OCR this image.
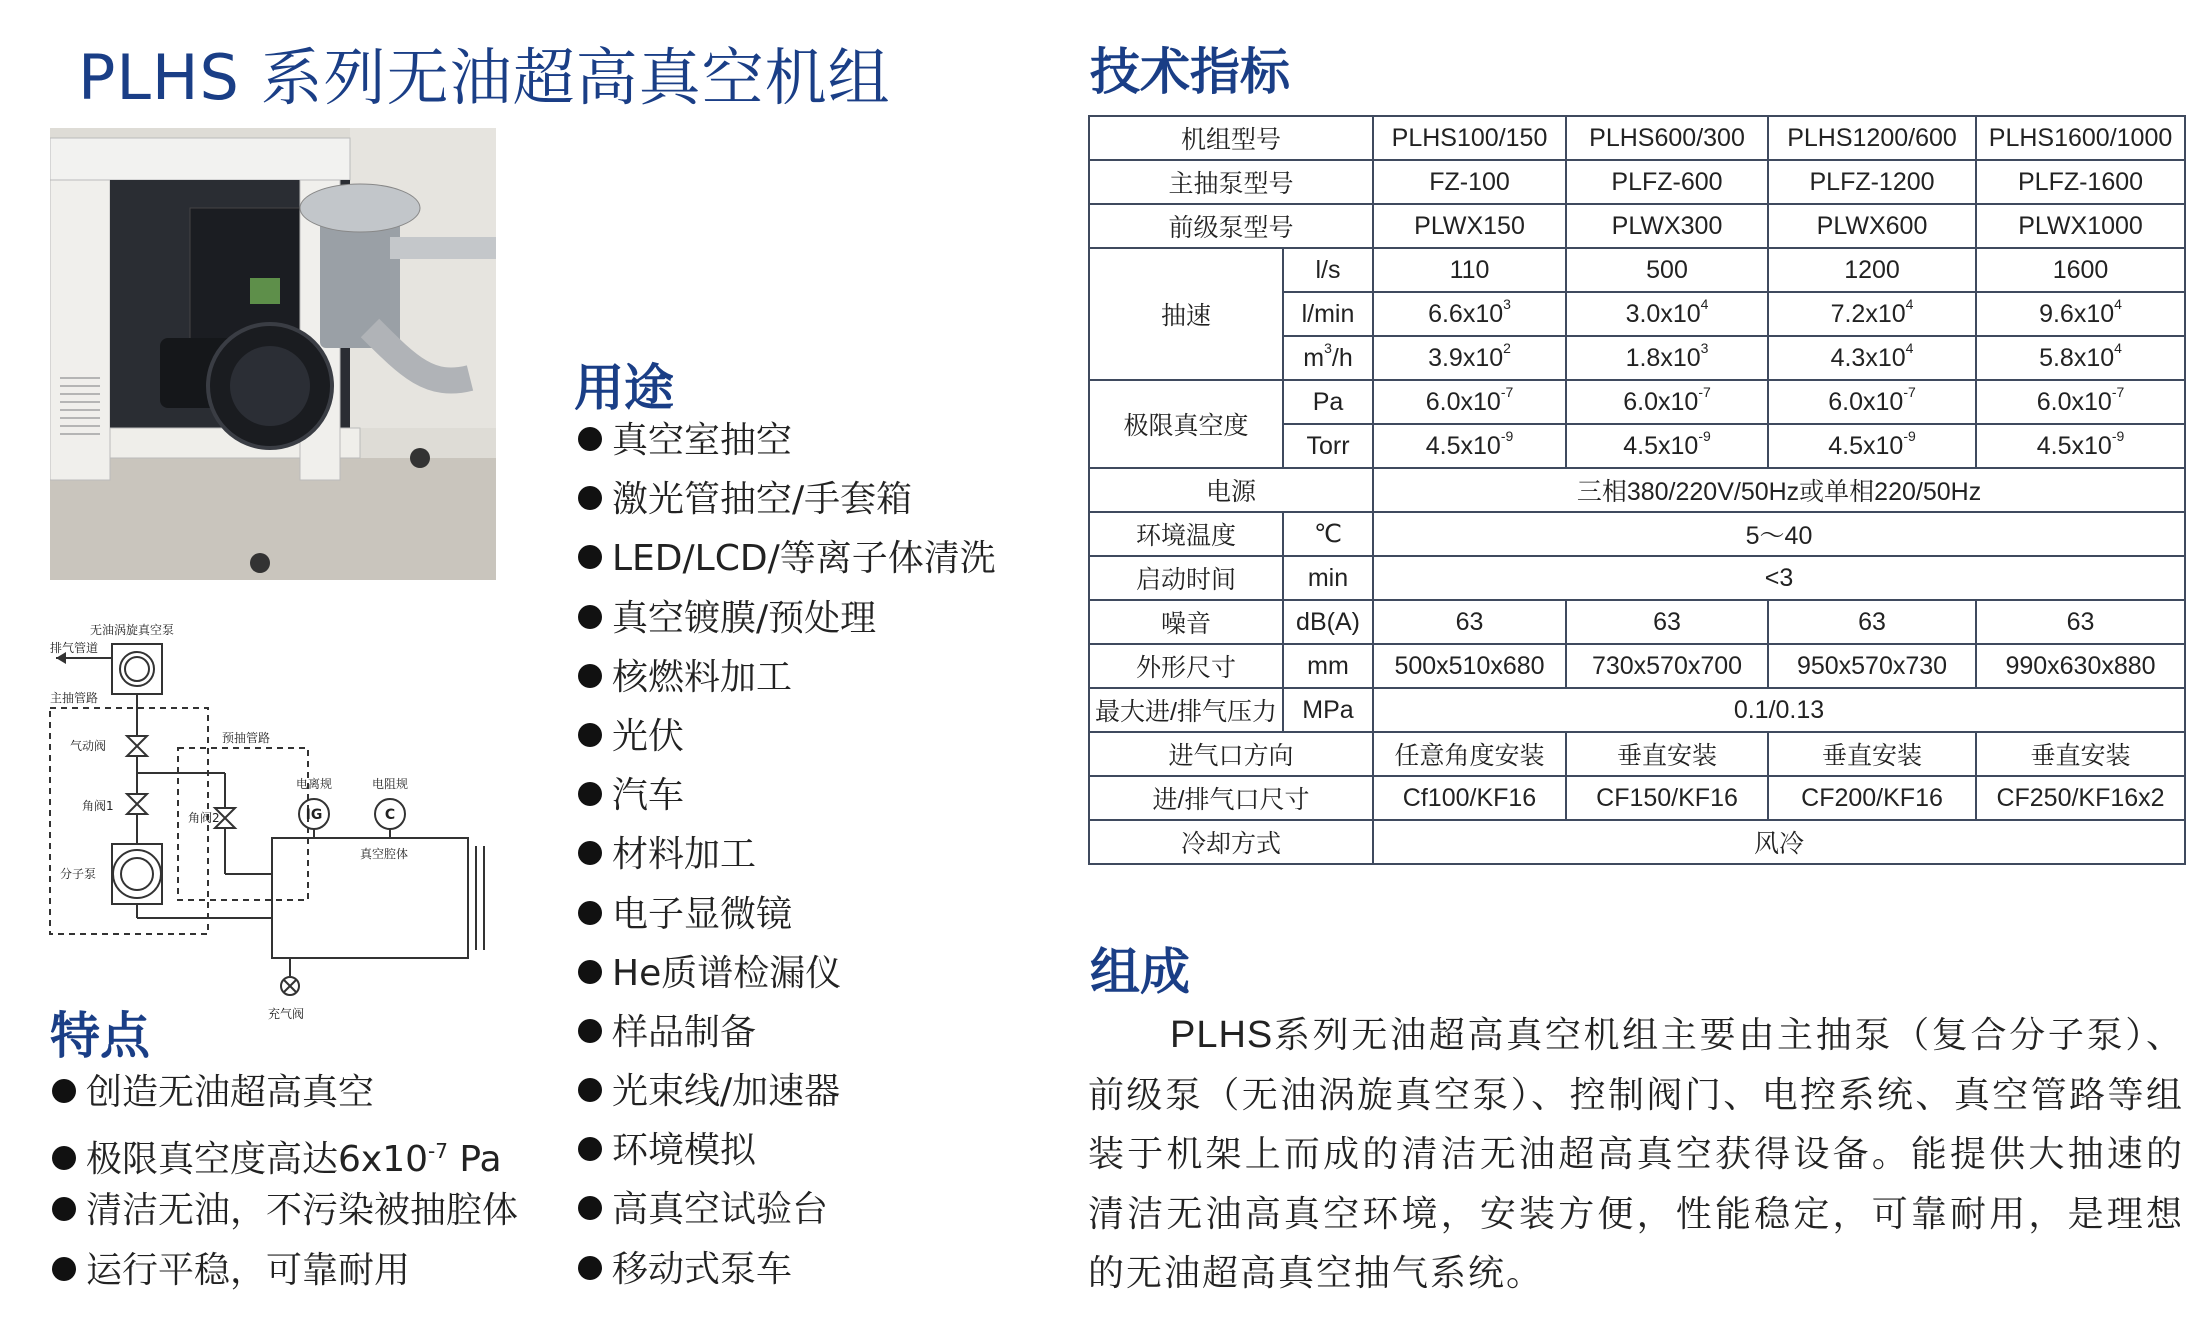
PLHS 系列无油超高真空机组
无油涡旋真空泵
排气管道
主抽管路
预抽管路
气动阀
角阀1
角阀2
分子泵
电离规	电阻规
真空腔体
充气阀
IG	C
特点
创造无油超高真空
极限真空度高达$6x10^{-7}$ Pa
清洁无油，不污染被抽腔体
运行平稳，可靠耐用
用途
真空室抽空
激光管抽空/手套箱
LED/LCD/等离子体清洗
真空镀膜/预处理
核燃料加工
光伏
汽车
材料加工
电子显微镜
He质谱检漏仪
样品制备
光束线/加速器
环境模拟
高真空试验台
移动式泵车
技术指标
机组型号		PLHS100/150	PLHS600/300	PLHS1200/600	PLHS1600/1000
主抽泵型号		FZ-100	PLFZ-600	PLFZ-1200	PLFZ-1600
前级泵型号		PLWX150	PLWX300	PLWX600	PLWX1000
抽速	l/s	110	500	1200	1600
	l/min	$6.6x10^3$	$3.0x10^4$	$7.2x10^4$	$9.6x10^4$
	$m^3/h$	$3.9x10^2$	$1.8x10^3$	$4.3x10^4$	$5.8x10^4$
极限真空度	Pa	$6.0x10^{-7}$	$6.0x10^{-7}$	$6.0x10^{-7}$	$6.0x10^{-7}$
	Torr	$4.5x10^{-9}$	$4.5x10^{-9}$	$4.5x10^{-9}$	$4.5x10^{-9}$
电源		三相380/220V/50Hz或单相220/50Hz			
环境温度	℃	5～40			
启动时间	min	<3			
噪音	dB(A)	63	63	63	63
外形尺寸	mm	500x510x680	730x570x700	950x570x730	990x630x880
最大进/排气压力	MPa	0.1/0.13			
进气口方向		任意角度安装	垂直安装	垂直安装	垂直安装
进/排气口尺寸		Cf100/KF16	CF150/KF16	CF200/KF16	CF250/KF16x2
冷却方式		风冷			
组成
PLHS系列无油超高真空机组主要由主抽泵（复合分子泵）、前级泵（无油涡旋真空泵）、控制阀门、电控系统、真空管路等组装于机架上而成的清洁无油超高真空获得设备。能提供大抽速的清洁无油高真空环境，安装方便，性能稳定，可靠耐用，是理想的无油超高真空抽气系统。
